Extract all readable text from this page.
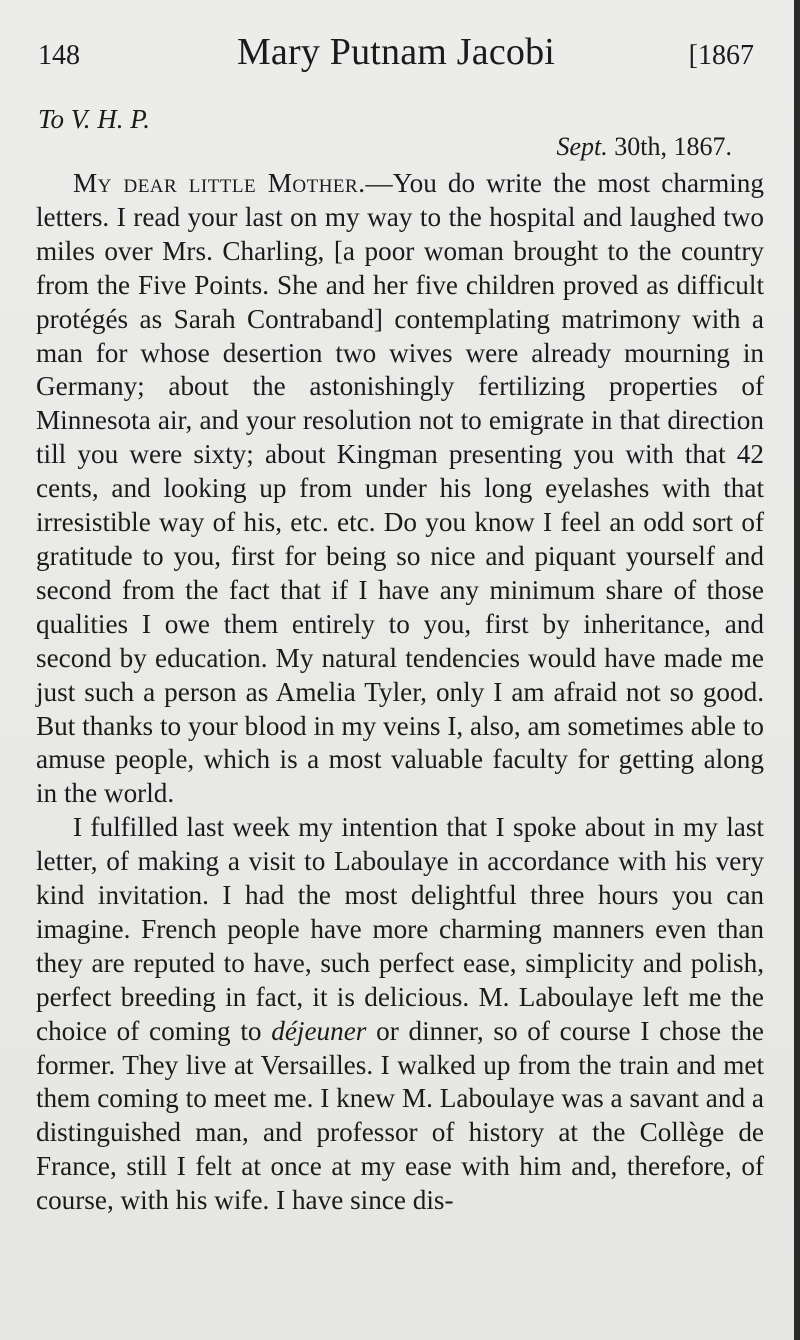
148	Mary Putnam Jacobi	[1867
To V. H. P.
Sept. 30th, 1867.

My dear little Mother.—You do write the most charming letters. I read your last on my way to the hospital and laughed two miles over Mrs. Charling, [a poor woman brought to the country from the Five Points. She and her five children proved as difficult protégés as Sarah Contraband] contemplating matrimony with a man for whose desertion two wives were already mourning in Germany; about the astonishingly fertilizing properties of Minnesota air, and your resolution not to emigrate in that direction till you were sixty; about Kingman presenting you with that 42 cents, and looking up from under his long eyelashes with that irresistible way of his, etc. etc. Do you know I feel an odd sort of gratitude to you, first for being so nice and piquant yourself and second from the fact that if I have any minimum share of those qualities I owe them entirely to you, first by inheritance, and second by education. My natural tendencies would have made me just such a person as Amelia Tyler, only I am afraid not so good. But thanks to your blood in my veins I, also, am sometimes able to amuse people, which is a most valuable faculty for getting along in the world.

I fulfilled last week my intention that I spoke about in my last letter, of making a visit to Laboulaye in accordance with his very kind invitation. I had the most delightful three hours you can imagine. French people have more charming manners even than they are reputed to have, such perfect ease, simplicity and polish, perfect breeding in fact, it is delicious. M. Laboulaye left me the choice of coming to déjeuner or dinner, so of course I chose the former. They live at Versailles. I walked up from the train and met them coming to meet me. I knew M. Laboulaye was a savant and a distinguished man, and professor of history at the Collège de France, still I felt at once at my ease with him and, therefore, of course, with his wife. I have since dis-
